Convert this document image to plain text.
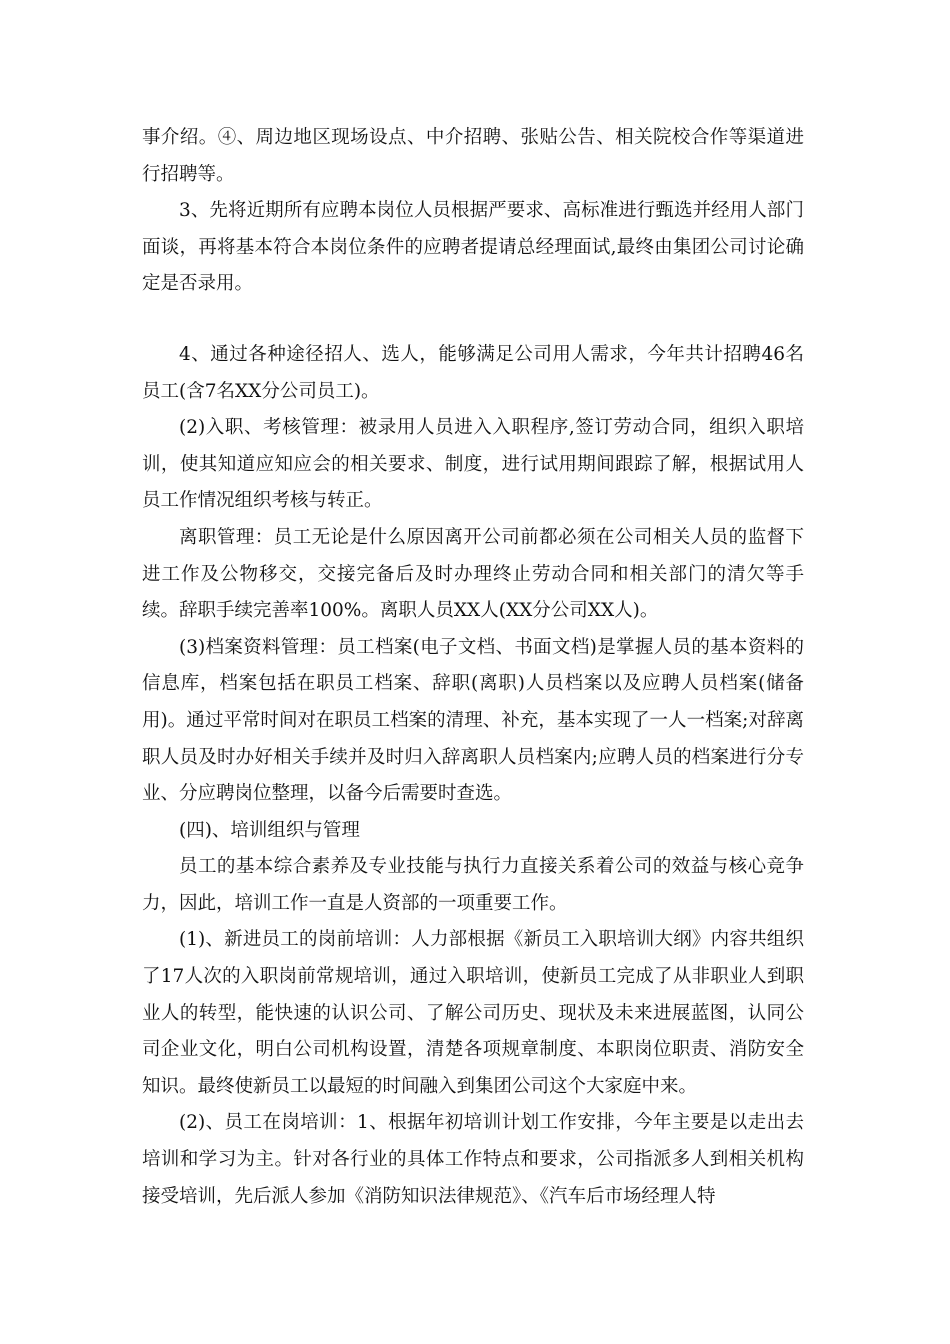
事介绍。④、周边地区现场设点、中介招聘、张贴公告、相关院校合作等渠道进行招聘等。

3、先将近期所有应聘本岗位人员根据严要求、高标准进行甄选并经用人部门面谈，再将基本符合本岗位条件的应聘者提请总经理面试,最终由集团公司讨论确定是否录用。

4、通过各种途径招人、选人，能够满足公司用人需求，今年共计招聘46名员工(含7名XX分公司员工)。

(2)入职、考核管理：被录用人员进入入职程序,签订劳动合同，组织入职培训，使其知道应知应会的相关要求、制度，进行试用期间跟踪了解，根据试用人员工作情况组织考核与转正。

离职管理：员工无论是什么原因离开公司前都必须在公司相关人员的监督下进工作及公物移交，交接完备后及时办理终止劳动合同和相关部门的清欠等手续。辞职手续完善率100%。离职人员XX人(XX分公司XX人)。

(3)档案资料管理：员工档案(电子文档、书面文档)是掌握人员的基本资料的信息库，档案包括在职员工档案、辞职(离职)人员档案以及应聘人员档案(储备用)。通过平常时间对在职员工档案的清理、补充，基本实现了一人一档案;对辞离职人员及时办好相关手续并及时归入辞离职人员档案内;应聘人员的档案进行分专业、分应聘岗位整理，以备今后需要时查选。

(四)、培训组织与管理

员工的基本综合素养及专业技能与执行力直接关系着公司的效益与核心竞争力，因此，培训工作一直是人资部的一项重要工作。

(1)、新进员工的岗前培训：人力部根据《新员工入职培训大纲》内容共组织了17人次的入职岗前常规培训，通过入职培训，使新员工完成了从非职业人到职业人的转型，能快速的认识公司、了解公司历史、现状及未来进展蓝图，认同公司企业文化，明白公司机构设置，清楚各项规章制度、本职岗位职责、消防安全知识。最终使新员工以最短的时间融入到集团公司这个大家庭中来。

(2)、员工在岗培训：1、根据年初培训计划工作安排，今年主要是以走出去培训和学习为主。针对各行业的具体工作特点和要求，公司指派多人到相关机构接受培训，先后派人参加《消防知识法律规范》、《汽车后市场经理人特
